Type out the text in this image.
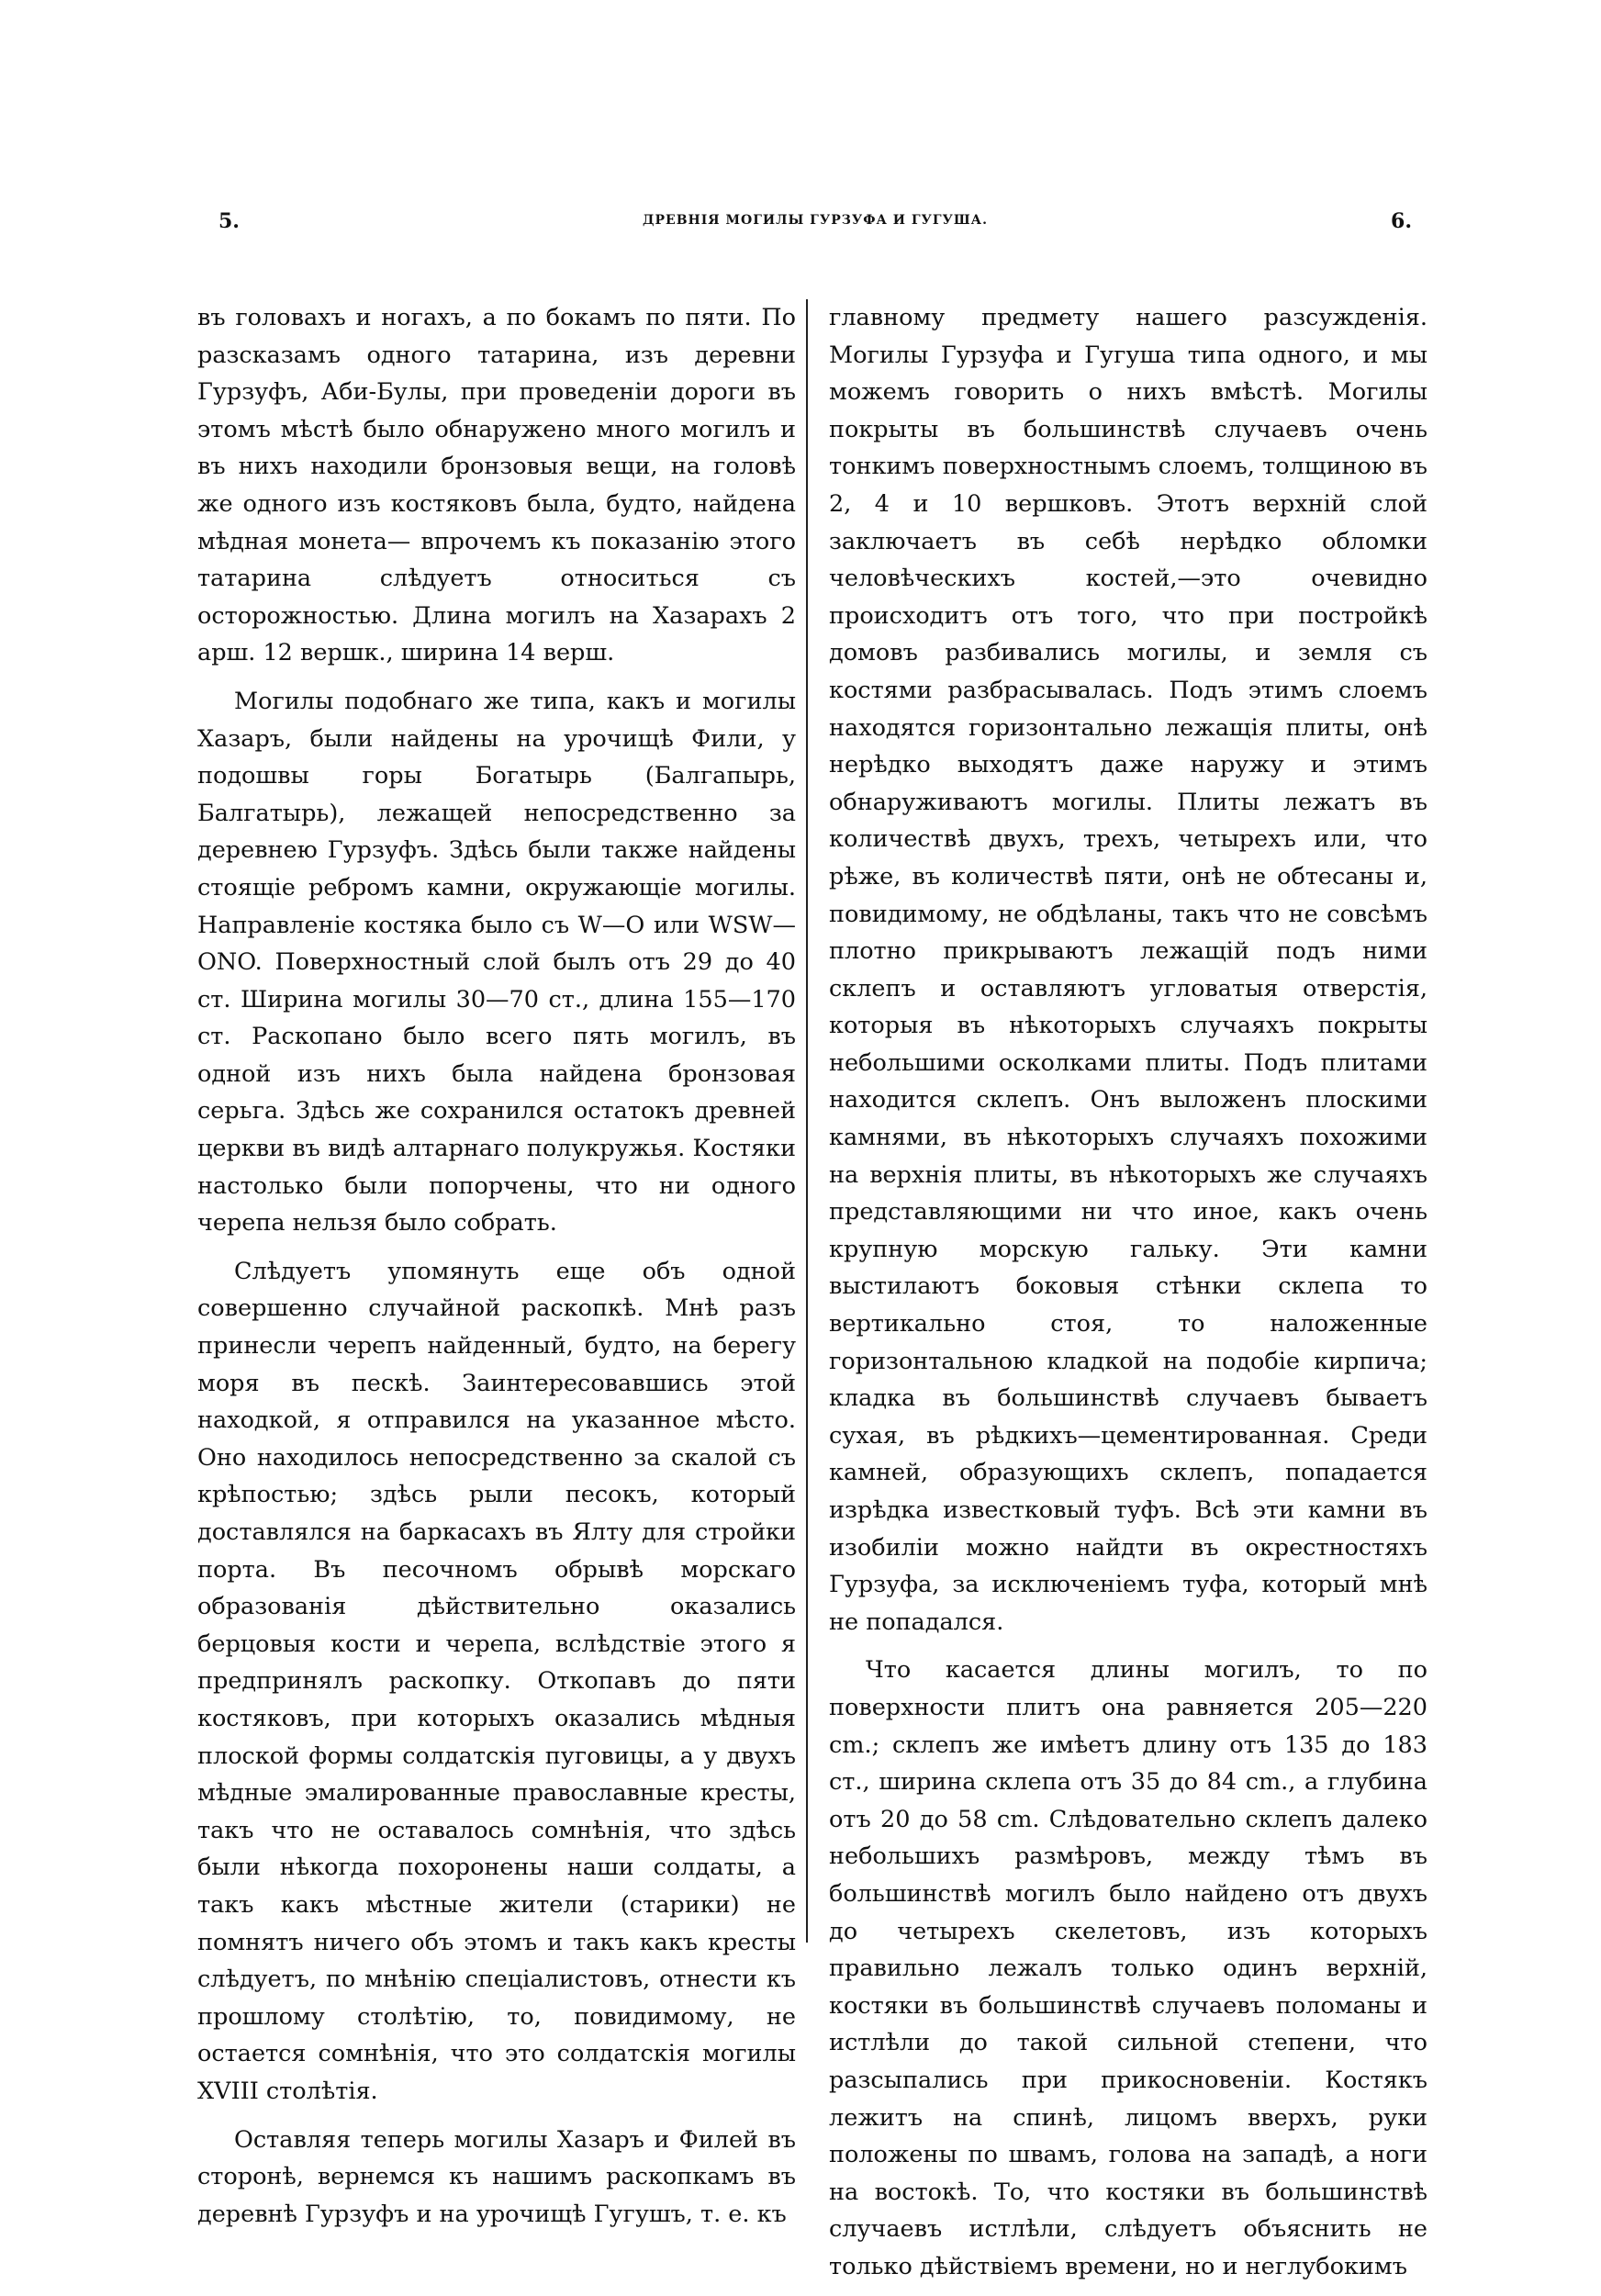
5.	ДРЕВНІЯ МОГИЛЫ ГУРЗУФА И ГУГУША.	6.

въ головахъ и ногахъ, а по бокамъ по пяти. По разсказамъ одного татарина, изъ деревни Гурзуфъ, Аби-Булы, при проведеніи дороги въ этомъ мѣстѣ было обнаружено много могилъ и въ нихъ находили бронзовыя вещи, на головѣ же одного изъ костяковъ была, будто, найдена мѣдная монета— впрочемъ къ показанію этого татарина слѣдуетъ относиться съ осторожностью. Длина могилъ на Хазарахъ 2 арш. 12 вершк., ширина 14 верш.

Могилы подобнаго же типа, какъ и могилы Хазаръ, были найдены на урочищѣ Фили, у подошвы горы Богатырь (Балгапырь, Балгатырь), лежащей непосредственно за деревнею Гурзуфъ. Здѣсь были также найдены стоящіе ребромъ камни, окружающіе могилы. Направленіе костяка было съ W—O или WSW—ONO. Поверхностный слой былъ отъ 29 до 40 ст. Ширина могилы 30—70 ст., длина 155—170 ст. Раскопано было всего пять могилъ, въ одной изъ нихъ была найдена бронзовая серьга. Здѣсь же сохранился остатокъ древней церкви въ видѣ алтарнаго полукружья. Костяки настолько были попорчены, что ни одного черепа нельзя было собрать.

Слѣдуетъ упомянуть еще объ одной совершенно случайной раскопкѣ. Мнѣ разъ принесли черепъ найденный, будто, на берегу моря въ пескѣ. Заинтересовавшись этой находкой, я отправился на указанное мѣсто. Оно находилось непосредственно за скалой съ крѣпостью; здѣсь рыли песокъ, который доставлялся на баркасахъ въ Ялту для стройки порта. Въ песочномъ обрывѣ морскаго образованія дѣйствительно оказались берцовыя кости и черепа, вслѣдствіе этого я предпринялъ раскопку. Откопавъ до пяти костяковъ, при которыхъ оказались мѣдныя плоской формы солдатскія пуговицы, а у двухъ мѣдные эмалированные православные кресты, такъ что не оставалось сомнѣнія, что здѣсь были нѣкогда похоронены наши солдаты, а такъ какъ мѣстные жители (старики) не помнятъ ничего объ этомъ и такъ какъ кресты слѣдуетъ, по мнѣнію спеціалистовъ, отнести къ прошлому столѣтію, то, повидимому, не остается сомнѣнія, что это солдатскія могилы XVIII столѣтія.

Оставляя теперь могилы Хазаръ и Филей въ сторонѣ, вернемся къ нашимъ раскопкамъ въ деревнѣ Гурзуфъ и на урочищѣ Гугушъ, т. е. къ

главному предмету нашего разсужденія. Могилы Гурзуфа и Гугуша типа одного, и мы можемъ говорить о нихъ вмѣстѣ. Могилы покрыты въ большинствѣ случаевъ очень тонкимъ поверхностнымъ слоемъ, толщиною въ 2, 4 и 10 вершковъ. Этотъ верхній слой заключаетъ въ себѣ нерѣдко обломки человѣческихъ костей,—это очевидно происходитъ отъ того, что при постройкѣ домовъ разбивались могилы, и земля съ костями разбрасывалась. Подъ этимъ слоемъ находятся горизонтально лежащія плиты, онѣ нерѣдко выходятъ даже наружу и этимъ обнаруживаютъ могилы. Плиты лежатъ въ количествѣ двухъ, трехъ, четырехъ или, что рѣже, въ количествѣ пяти, онѣ не обтесаны и, повидимому, не обдѣланы, такъ что не совсѣмъ плотно прикрываютъ лежащій подъ ними склепъ и оставляютъ угловатыя отверстія, которыя въ нѣкоторыхъ случаяхъ покрыты небольшими осколками плиты. Подъ плитами находится склепъ. Онъ выложенъ плоскими камнями, въ нѣкоторыхъ случаяхъ похожими на верхнія плиты, въ нѣкоторыхъ же случаяхъ представляющими ни что иное, какъ очень крупную морскую гальку. Эти камни выстилаютъ боковыя стѣнки склепа то вертикально стоя, то наложенные горизонтальною кладкой на подобіе кирпича; кладка въ большинствѣ случаевъ бываетъ сухая, въ рѣдкихъ—цементированная. Среди камней, образующихъ склепъ, попадается изрѣдка известковый туфъ. Всѣ эти камни въ изобиліи можно найдти въ окрестностяхъ Гурзуфа, за исключеніемъ туфа, который мнѣ не попадался.

Что касается длины могилъ, то по поверхности плитъ она равняется 205—220 cm.; склепъ же имѣетъ длину отъ 135 до 183 ст., ширина склепа отъ 35 до 84 cm., а глубина отъ 20 до 58 cm. Слѣдовательно склепъ далеко небольшихъ размѣровъ, между тѣмъ въ большинствѣ могилъ было найдено отъ двухъ до четырехъ скелетовъ, изъ которыхъ правильно лежалъ только одинъ верхній, костяки въ большинствѣ случаевъ поломаны и истлѣли до такой сильной степени, что разсыпались при прикосновеніи. Костякъ лежитъ на спинѣ, лицомъ вверхъ, руки положены по швамъ, голова на западѣ, а ноги на востокѣ. То, что костяки въ большинствѣ случаевъ истлѣли, слѣдуетъ объяснить не только дѣйствіемъ времени, но и неглубокимъ
